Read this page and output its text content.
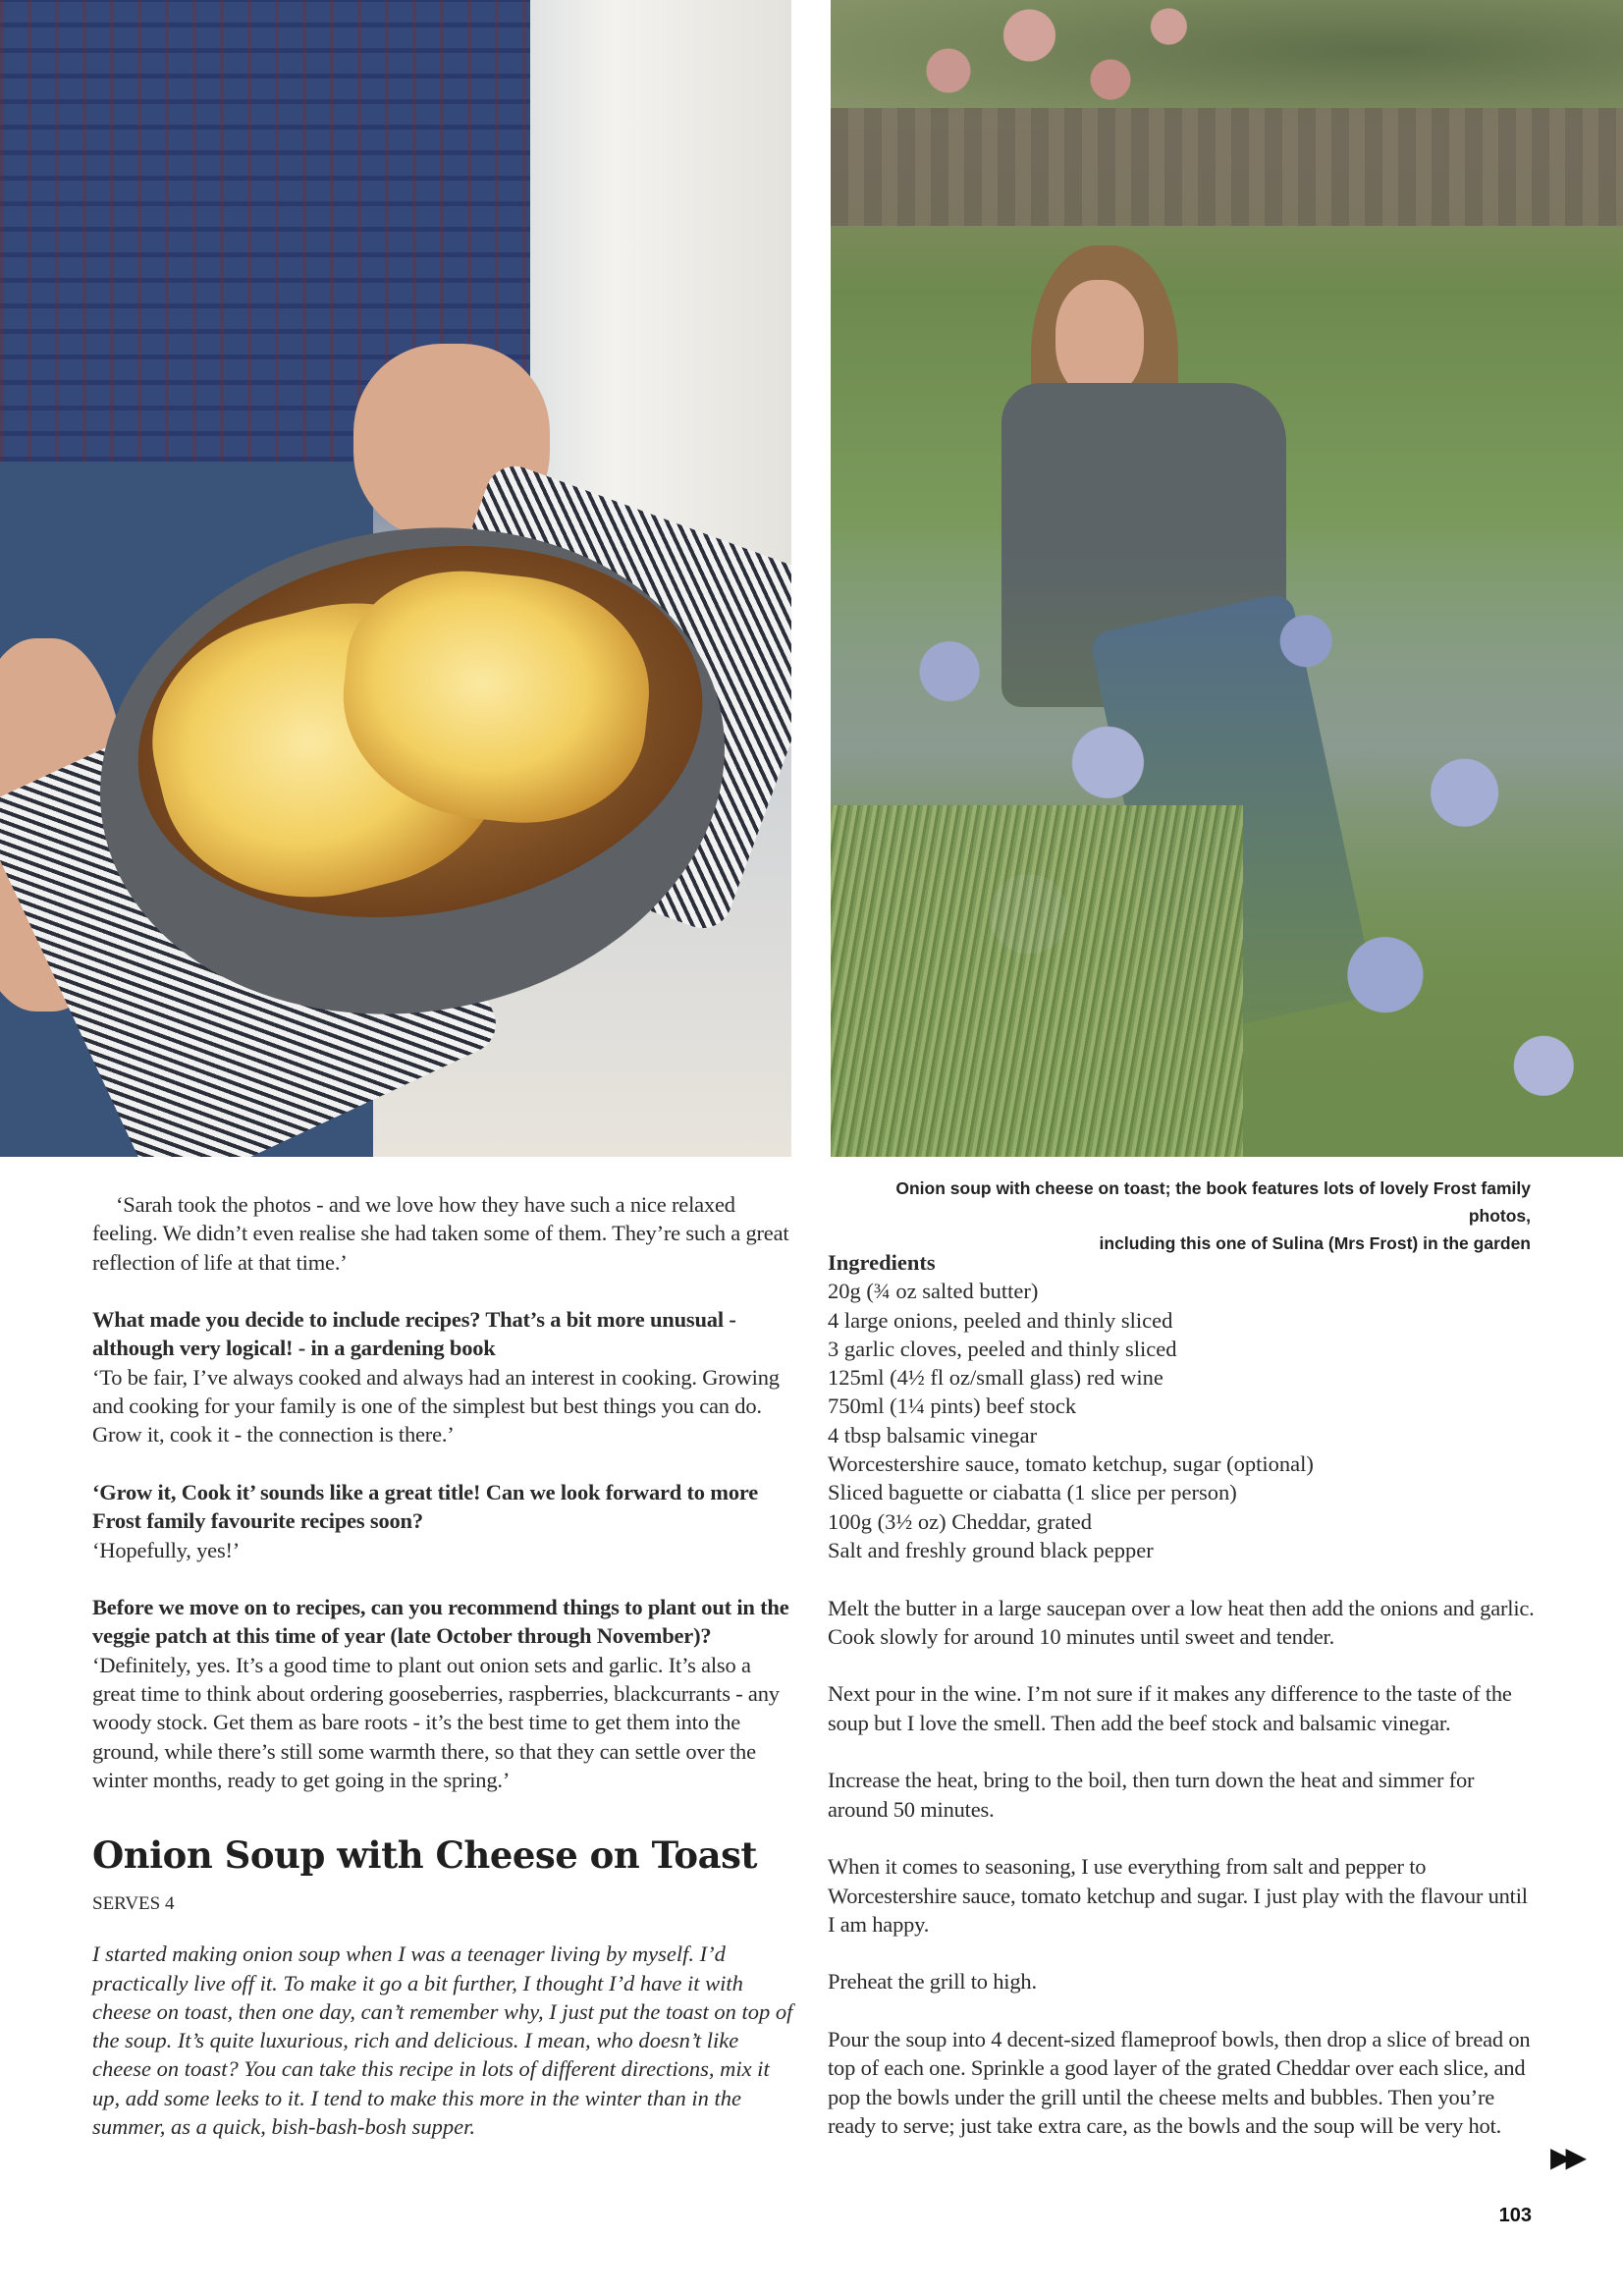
Onion soup with cheese on toast; the book features lots of lovely Frost family photos,
including this one of Sulina (Mrs Frost) in the garden

‘Sarah took the photos - and we love how they have such a nice relaxed feeling. We didn’t even realise she had taken some of them. They’re such a great reflection of life at that time.’

What made you decide to include recipes? That’s a bit more unusual - although very logical! - in a gardening book

‘To be fair, I’ve always cooked and always had an interest in cooking. Growing and cooking for your family is one of the simplest but best things you can do. Grow it, cook it - the connection is there.’

‘Grow it, Cook it’ sounds like a great title! Can we look forward to more Frost family favourite recipes soon?

‘Hopefully, yes!’

Before we move on to recipes, can you recommend things to plant out in the veggie patch at this time of year (late October through November)?

‘Definitely, yes. It’s a good time to plant out onion sets and garlic. It’s also a great time to think about ordering gooseberries, raspberries, blackcurrants - any woody stock. Get them as bare roots - it’s the best time to get them into the ground, while there’s still some warmth there, so that they can settle over the winter months, ready to get going in the spring.’

Onion Soup with Cheese on Toast

SERVES 4

I started making onion soup when I was a teenager living by myself. I’d practically live off it. To make it go a bit further, I thought I’d have it with cheese on toast, then one day, can’t remember why, I just put the toast on top of the soup. It’s quite luxurious, rich and delicious. I mean, who doesn’t like cheese on toast? You can take this recipe in lots of different directions, mix it up, add some leeks to it. I tend to make this more in the winter than in the summer, as a quick, bish-bash-bosh supper.

Ingredients

20g (¾ oz salted butter)
4 large onions, peeled and thinly sliced
3 garlic cloves, peeled and thinly sliced
125ml (4½ fl oz/small glass) red wine
750ml (1¼ pints) beef stock
4 tbsp balsamic vinegar
Worcestershire sauce, tomato ketchup, sugar (optional)
Sliced baguette or ciabatta (1 slice per person)
100g (3½ oz) Cheddar, grated
Salt and freshly ground black pepper

Melt the butter in a large saucepan over a low heat then add the onions and garlic. Cook slowly for around 10 minutes until sweet and tender.

Next pour in the wine. I’m not sure if it makes any difference to the taste of the soup but I love the smell. Then add the beef stock and balsamic vinegar.

Increase the heat, bring to the boil, then turn down the heat and simmer for around 50 minutes.

When it comes to seasoning, I use everything from salt and pepper to Worcestershire sauce, tomato ketchup and sugar. I just play with the flavour until I am happy.

Preheat the grill to high.

Pour the soup into 4 decent-sized flameproof bowls, then drop a slice of bread on top of each one. Sprinkle a good layer of the grated Cheddar over each slice, and pop the bowls under the grill until the cheese melts and bubbles. Then you’re ready to serve; just take extra care, as the bowls and the soup will be very hot.

▶▶
103
